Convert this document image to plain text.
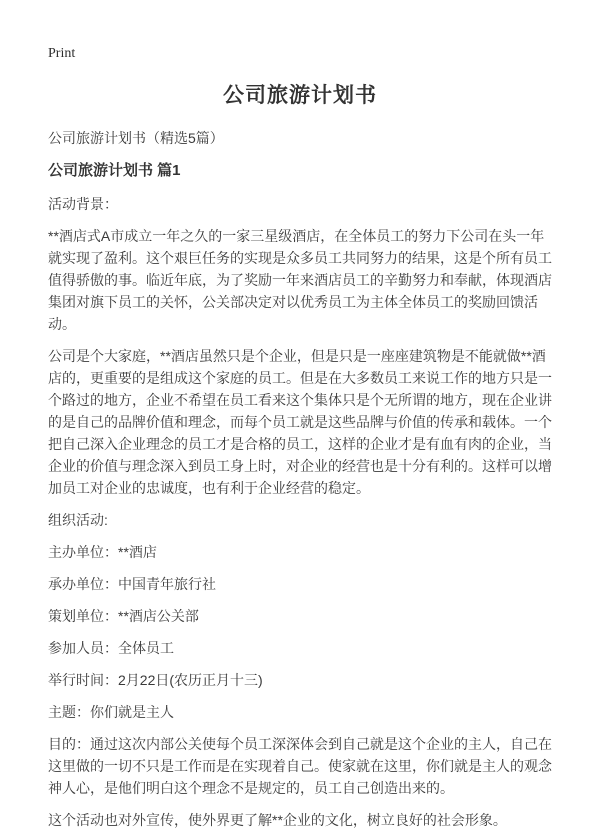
Print
公司旅游计划书

公司旅游计划书（精选5篇）

公司旅游计划书 篇1

活动背景：

**酒店式A市成立一年之久的一家三星级酒店，在全体员工的努力下公司在头一年就实现了盈利。这个艰巨任务的实现是众多员工共同努力的结果，这是个所有员工值得骄傲的事。临近年底，为了奖励一年来酒店员工的辛勤努力和奉献，体现酒店集团对旗下员工的关怀，公关部决定对以优秀员工为主体全体员工的奖励回馈活动。

公司是个大家庭，**酒店虽然只是个企业，但是只是一座座建筑物是不能就做**酒店的，更重要的是组成这个家庭的员工。但是在大多数员工来说工作的地方只是一个路过的地方，企业不希望在员工看来这个集体只是个无所谓的地方，现在企业讲的是自己的品牌价值和理念，而每个员工就是这些品牌与价值的传承和载体。一个把自己深入企业理念的员工才是合格的员工，这样的企业才是有血有肉的企业，当企业的价值与理念深入到员工身上时，对企业的经营也是十分有利的。这样可以增加员工对企业的忠诚度，也有利于企业经营的稳定。

组织活动:

主办单位：**酒店

承办单位：中国青年旅行社

策划单位：**酒店公关部

参加人员：全体员工

举行时间：2月22日(农历正月十三)

主题：你们就是主人

目的：通过这次内部公关使每个员工深深体会到自己就是这个企业的主人，自己在这里做的一切不只是工作而是在实现着自己。使家就在这里，你们就是主人的观念神人心，是他们明白这个理念不是规定的，员工自己创造出来的。

这个活动也对外宣传，使外界更了解**企业的文化，树立良好的社会形象。
